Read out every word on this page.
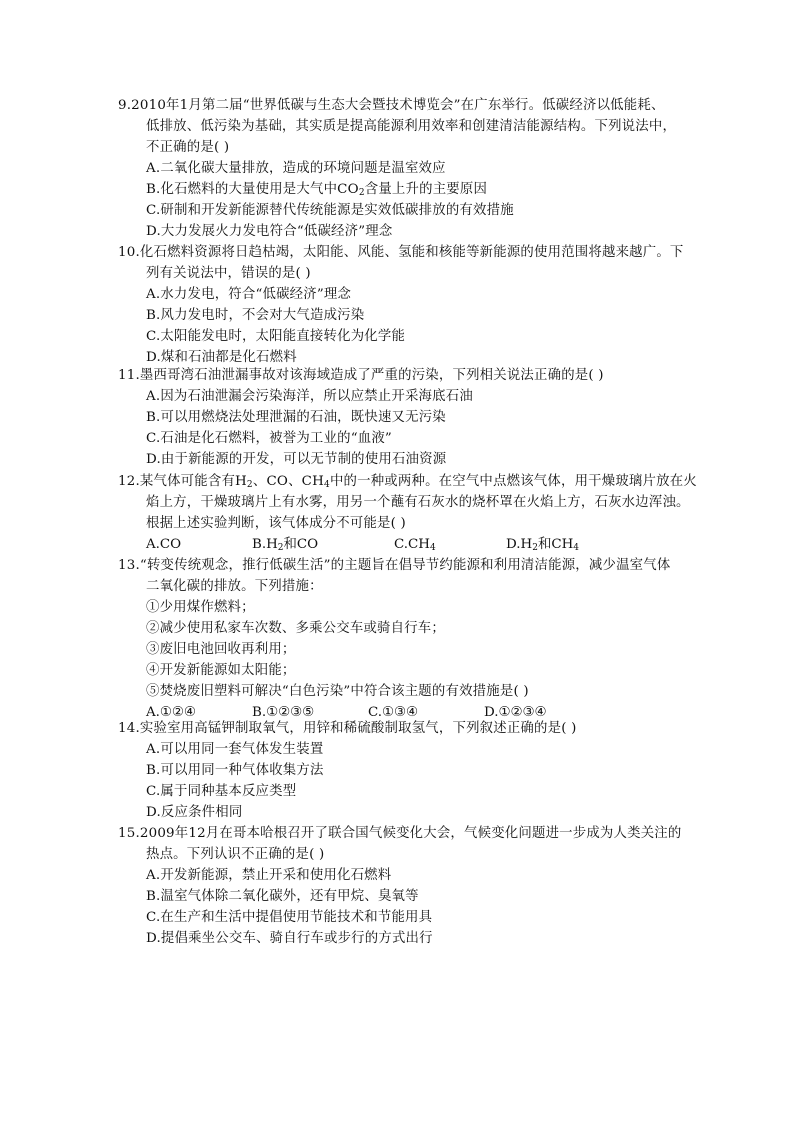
9.2010年1月第二届“世界低碳与生态大会暨技术博览会”在广东举行。低碳经济以低能耗、
低排放、低污染为基础，其实质是提高能源利用效率和创建清洁能源结构。下列说法中，
不正确的是( )
A.二氧化碳大量排放，造成的环境问题是温室效应
B.化石燃料的大量使用是大气中$CO_2$含量上升的主要原因
C.研制和开发新能源替代传统能源是实效低碳排放的有效措施
D.大力发展火力发电符合“低碳经济”理念
10.化石燃料资源将日趋枯竭，太阳能、风能、氢能和核能等新能源的使用范围将越来越广。下
列有关说法中，错误的是( )
A.水力发电，符合“低碳经济”理念
B.风力发电时，不会对大气造成污染
C.太阳能发电时，太阳能直接转化为化学能
D.煤和石油都是化石燃料
11.墨西哥湾石油泄漏事故对该海域造成了严重的污染，下列相关说法正确的是( )
A.因为石油泄漏会污染海洋，所以应禁止开采海底石油
B.可以用燃烧法处理泄漏的石油，既快速又无污染
C.石油是化石燃料，被誉为工业的“血液”
D.由于新能源的开发，可以无节制的使用石油资源
12.某气体可能含有$H_2$、CO、$CH_4$中的一种或两种。在空气中点燃该气体，用干燥玻璃片放在火
焰上方，干燥玻璃片上有水雾，用另一个蘸有石灰水的烧杯罩在火焰上方，石灰水边浑浊。
根据上述实验判断，该气体成分不可能是( )
A.CO	$B.H_2$和CO	$C.CH_4$	$D.H_2$和$CH_4$
13.“转变传统观念，推行低碳生活”的主题旨在倡导节约能源和利用清洁能源，减少温室气体
二氧化碳的排放。下列措施：
①少用煤作燃料；
②减少使用私家车次数、多乘公交车或骑自行车；
③废旧电池回收再利用；
④开发新能源如太阳能；
⑤焚烧废旧塑料可解决“白色污染”中符合该主题的有效措施是( )
A.①②④	B.①②③⑤	C.①③④	D.①②③④
14.实验室用高锰钾制取氧气，用锌和稀硫酸制取氢气，下列叙述正确的是( )
A.可以用同一套气体发生装置
B.可以用同一种气体收集方法
C.属于同种基本反应类型
D.反应条件相同
15.2009年12月在哥本哈根召开了联合国气候变化大会，气候变化问题进一步成为人类关注的
热点。下列认识不正确的是( )
A.开发新能源，禁止开采和使用化石燃料
B.温室气体除二氧化碳外，还有甲烷、臭氧等
C.在生产和生活中提倡使用节能技术和节能用具
D.提倡乘坐公交车、骑自行车或步行的方式出行
